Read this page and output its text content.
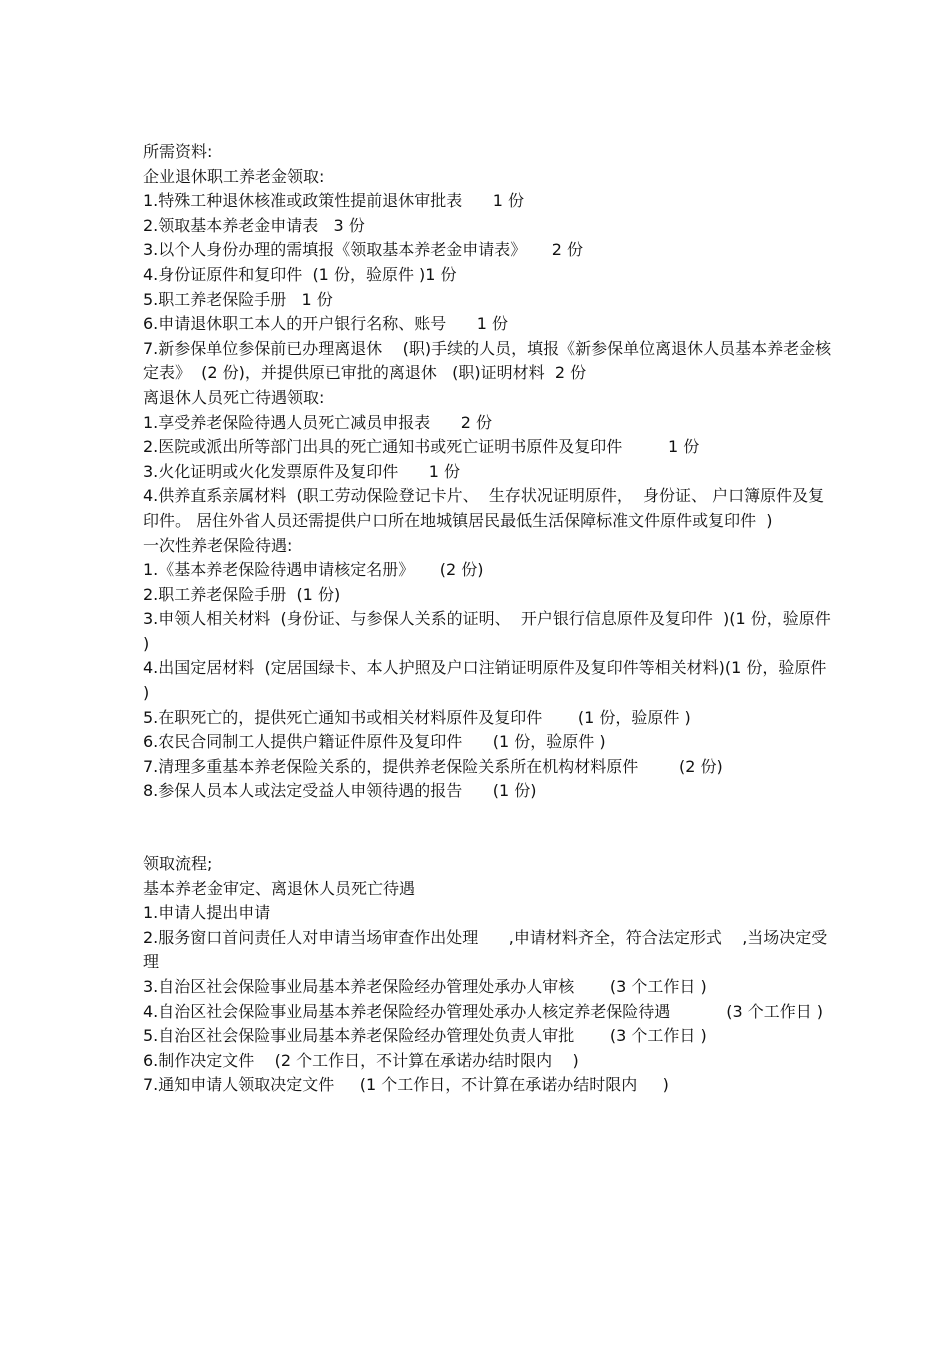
所需资料:
企业退休职工养老金领取:
1.特殊工种退休核准或政策性提前退休审批表      1 份
2.领取基本养老金申请表   3 份
3.以个人身份办理的需填报《领取基本养老金申请表》     2 份
4.身份证原件和复印件  (1 份，验原件 )1 份
5.职工养老保险手册   1 份
6.申请退休职工本人的开户银行名称、账号      1 份
7.新参保单位参保前已办理离退休    (职)手续的人员，填报《新参保单位离退休人员基本养老金核定表》  (2 份)，并提供原已审批的离退休   (职)证明材料  2 份
离退休人员死亡待遇领取:
1.享受养老保险待遇人员死亡减员申报表      2 份
2.医院或派出所等部门出具的死亡通知书或死亡证明书原件及复印件         1 份
3.火化证明或火化发票原件及复印件      1 份
4.供养直系亲属材料  (职工劳动保险登记卡片、  生存状况证明原件，  身份证、 户口簿原件及复印件。 居住外省人员还需提供户口所在地城镇居民最低生活保障标准文件原件或复印件  )
一次性养老保险待遇:
1.《基本养老保险待遇申请核定名册》     (2 份)
2.职工养老保险手册  (1 份)
3.申领人相关材料  (身份证、与参保人关系的证明、  开户银行信息原件及复印件  )(1 份，验原件 )
4.出国定居材料  (定居国绿卡、本人护照及户口注销证明原件及复印件等相关材料)(1 份，验原件 )
5.在职死亡的，提供死亡通知书或相关材料原件及复印件       (1 份，验原件 )
6.农民合同制工人提供户籍证件原件及复印件      (1 份，验原件 )
7.清理多重基本养老保险关系的，提供养老保险关系所在机构材料原件        (2 份)
8.参保人员本人或法定受益人申领待遇的报告      (1 份)
领取流程;
基本养老金审定、离退休人员死亡待遇
1.申请人提出申请
2.服务窗口首问责任人对申请当场审查作出处理      ,申请材料齐全，符合法定形式    ,当场决定受理
3.自治区社会保险事业局基本养老保险经办管理处承办人审核       (3 个工作日 )
4.自治区社会保险事业局基本养老保险经办管理处承办人核定养老保险待遇           (3 个工作日 )
5.自治区社会保险事业局基本养老保险经办管理处负责人审批       (3 个工作日 )
6.制作决定文件    (2 个工作日，不计算在承诺办结时限内    )
7.通知申请人领取决定文件     (1 个工作日，不计算在承诺办结时限内     )
